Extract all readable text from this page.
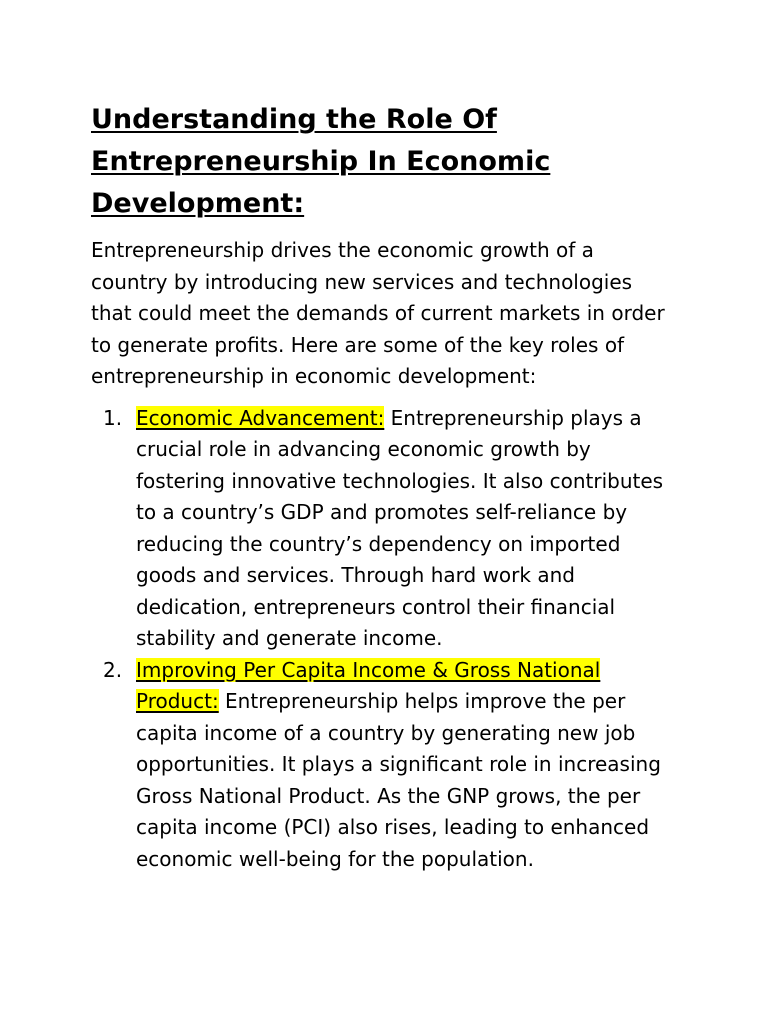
Understanding the Role Of
Entrepreneurship In Economic
Development:

Entrepreneurship drives the economic growth of a country by introducing new services and technologies that could meet the demands of current markets in order to generate profits. Here are some of the key roles of entrepreneurship in economic development:

1. Economic Advancement: Entrepreneurship plays a crucial role in advancing economic growth by fostering innovative technologies. It also contributes to a country’s GDP and promotes self-reliance by reducing the country’s dependency on imported goods and services. Through hard work and dedication, entrepreneurs control their financial stability and generate income.
2. Improving Per Capita Income & Gross National
Product: Entrepreneurship helps improve the per capita income of a country by generating new job opportunities. It plays a significant role in increasing Gross National Product. As the GNP grows, the per capita income (PCI) also rises, leading to enhanced economic well-being for the population.
